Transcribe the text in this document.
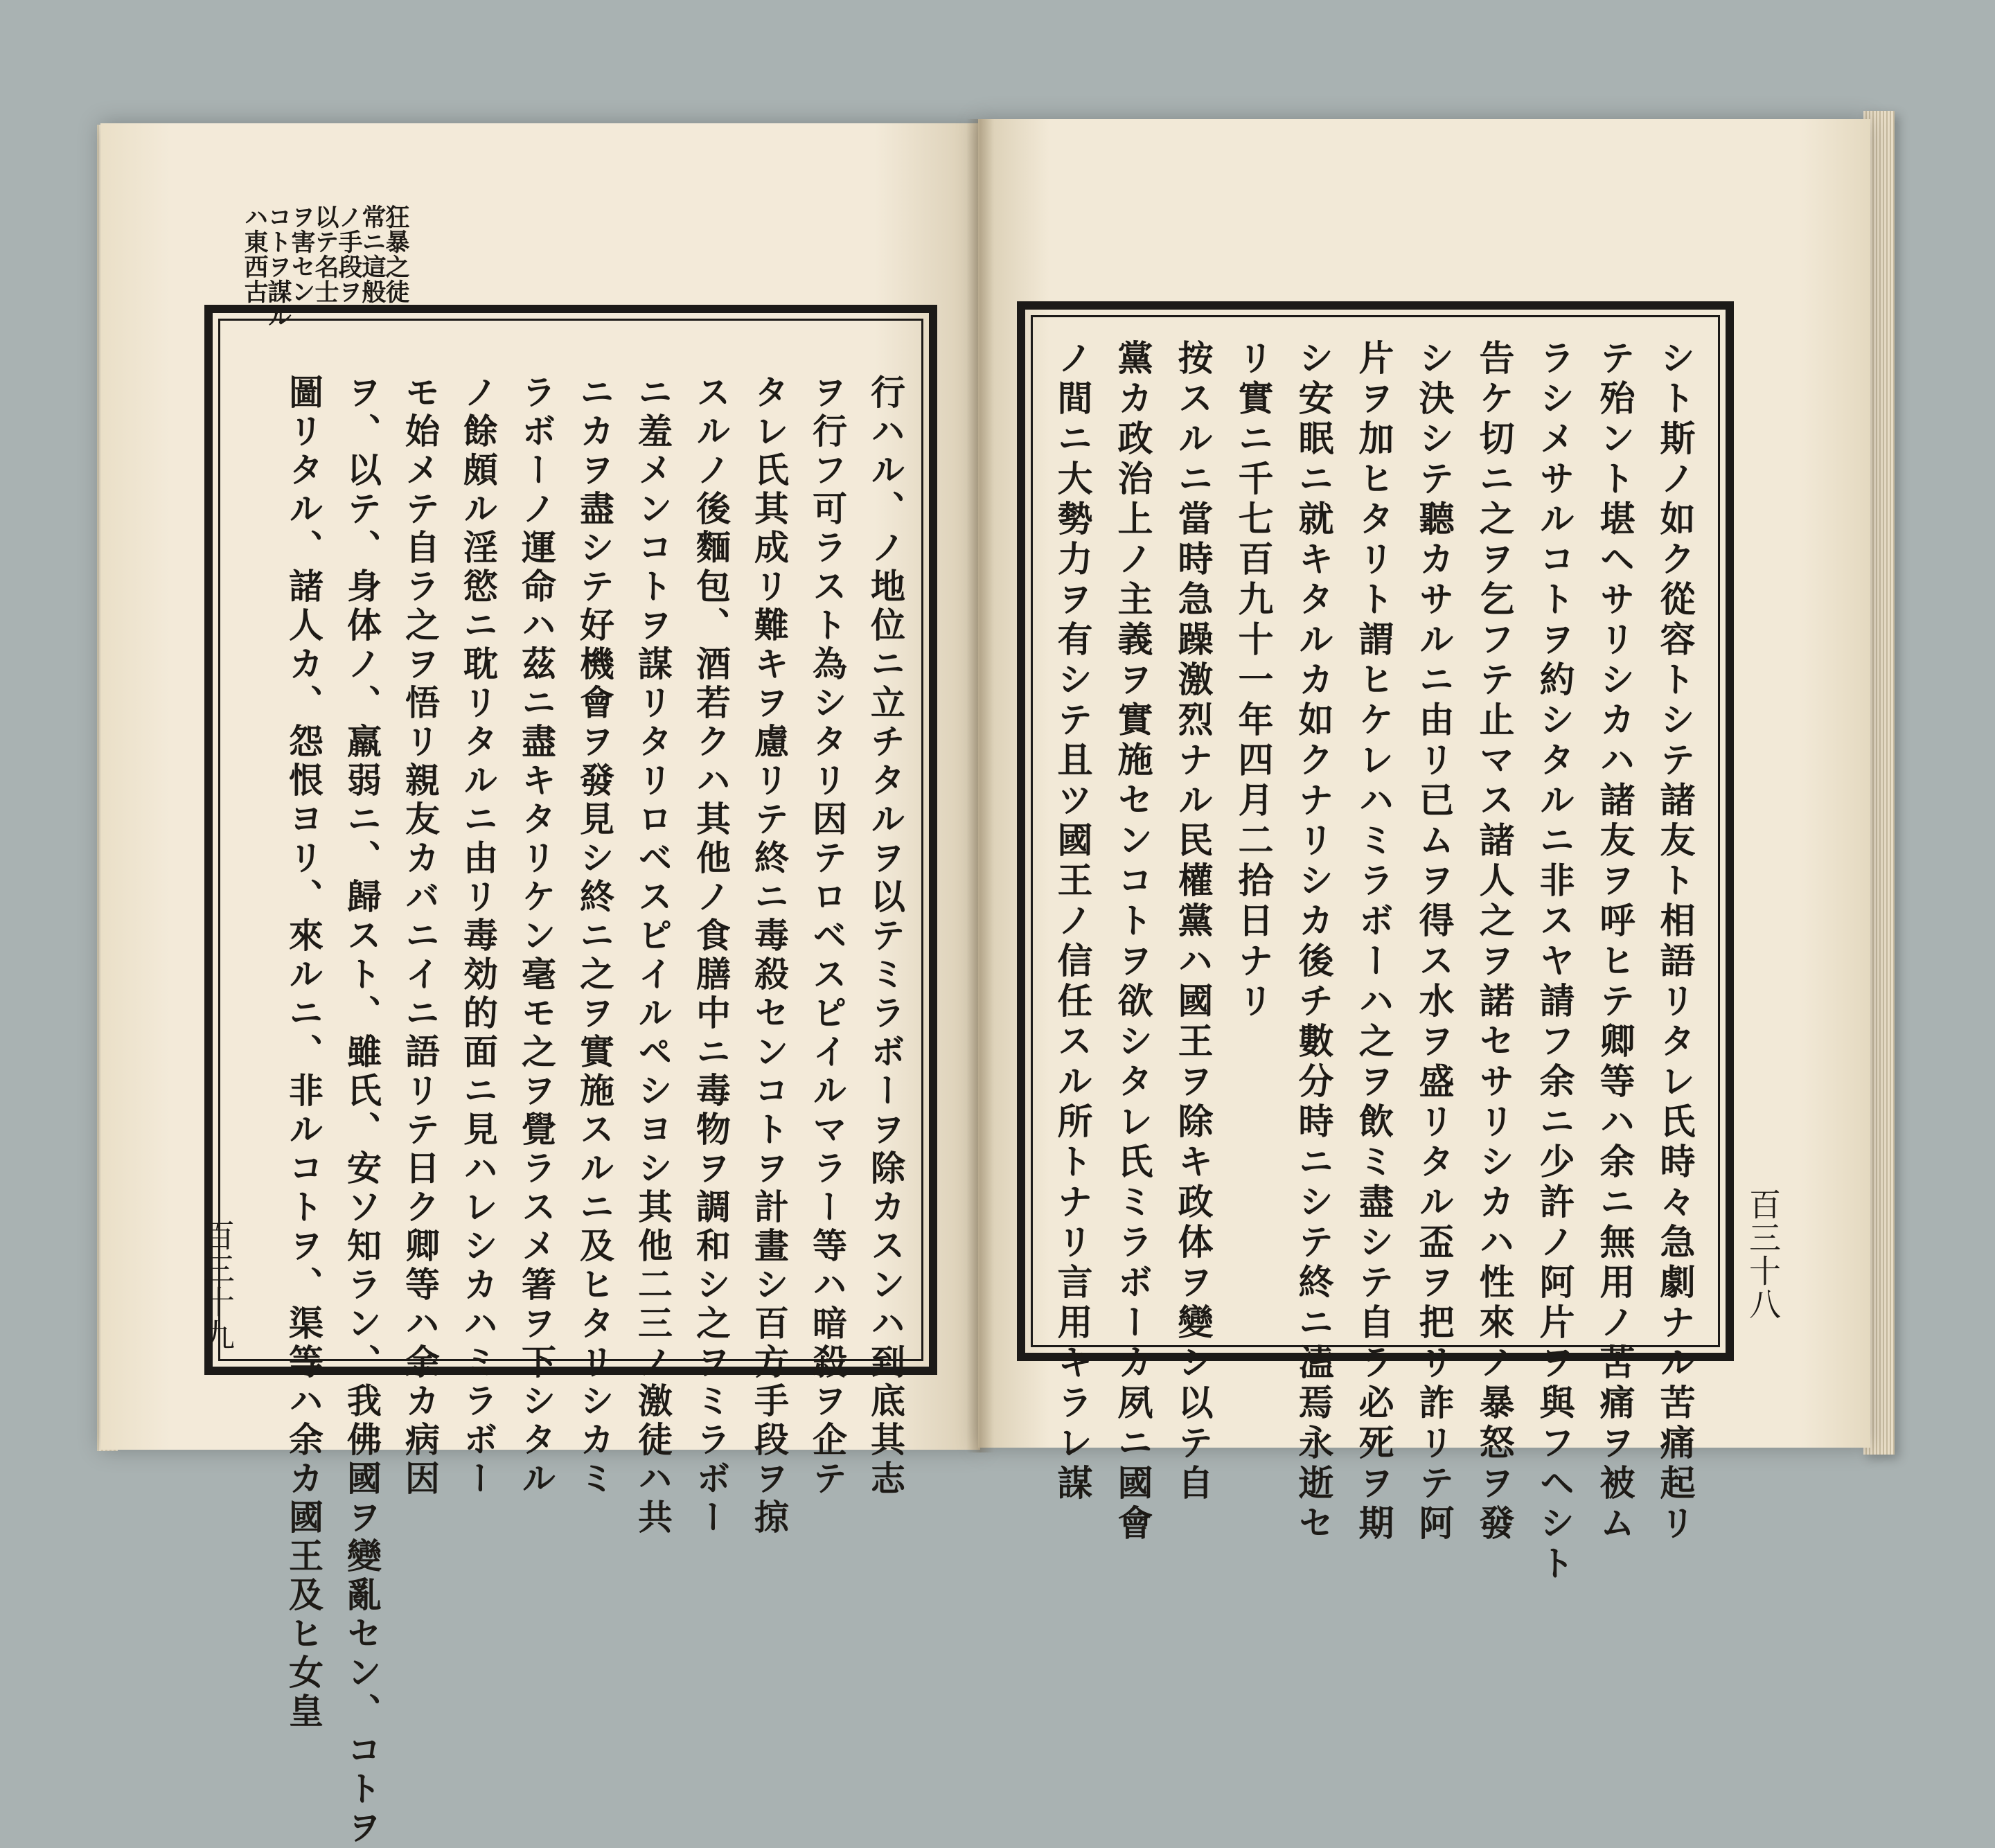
狂暴之徒
常ニ這般
ノ手段ヲ
以テ名士
ヲ害セン
コトヲ謀ル
ハ東西古
行ハル、ノ地位ニ立チタルヲ以テミラボーヲ除カスンハ到底其志
ヲ行フ可ラスト為シタリ因テロベスピイルマラー等ハ暗殺ヲ企テ
タレ氏其成リ難キヲ慮リテ終ニ毒殺センコトヲ計畫シ百方手段ヲ掠
スルノ後麵包、酒若クハ其他ノ食膳中ニ毒物ヲ調和シ之ヲミラボー
ニ羞メンコトヲ謀リタリロベスピイルペシヨシ其他二三ノ激徒ハ共
ニカヲ盡シテ好機會ヲ發見シ終ニ之ヲ實施スルニ及ヒタリシカミ
ラボーノ運命ハ茲ニ盡キタリケン毫モ之ヲ覺ラスメ箸ヲ下シタル
ノ餘頗ル淫慾ニ耽リタルニ由リ毒効的面ニ見ハレシカハミラボー
モ始メテ自ラ之ヲ悟リ親友カバニイニ語リテ日ク卿等ハ余カ病因
ヲ、以テ、身体ノ、羸弱ニ、歸スト、雖氏、安ソ知ラン、我佛國ヲ變亂セン、コトヲ
圖リタル、諸人カ、怨恨ヨリ、來ルニ、非ルコトヲ、渠等ハ余カ國王及ヒ女皇	シト斯ノ如ク從容トシテ諸友ト相語リタレ氏時々急劇ナル苦痛起リ
テ殆ント堪ヘサリシカハ諸友ヲ呼ヒテ卿等ハ余ニ無用ノ苦痛ヲ被ム
ラシメサルコトヲ約シタルニ非スヤ請フ余ニ少許ノ阿片ヲ與フヘシト
告ケ切ニ之ヲ乞フテ止マス諸人之ヲ諾セサリシカハ性來ノ暴怒ヲ發
シ決シテ聽カサルニ由リ已ムヲ得ス水ヲ盛リタル盃ヲ把リ詐リテ阿
片ヲ加ヒタリト謂ヒケレハミラボーハ之ヲ飲ミ盡シテ自ラ必死ヲ期
シ安眠ニ就キタルカ如クナリシカ後チ數分時ニシテ終ニ溘焉永逝セ
リ實ニ千七百九十一年四月二拾日ナリ
按スルニ當時急躁激烈ナル民權黨ハ國王ヲ除キ政体ヲ變シ以テ自
黨カ政治上ノ主義ヲ實施センコトヲ欲シタレ氏ミラボーカ夙ニ國會
ノ間ニ大勢力ヲ有シテ且ツ國王ノ信任スル所トナリ言用キラレ謀
百三十九	百三十八
